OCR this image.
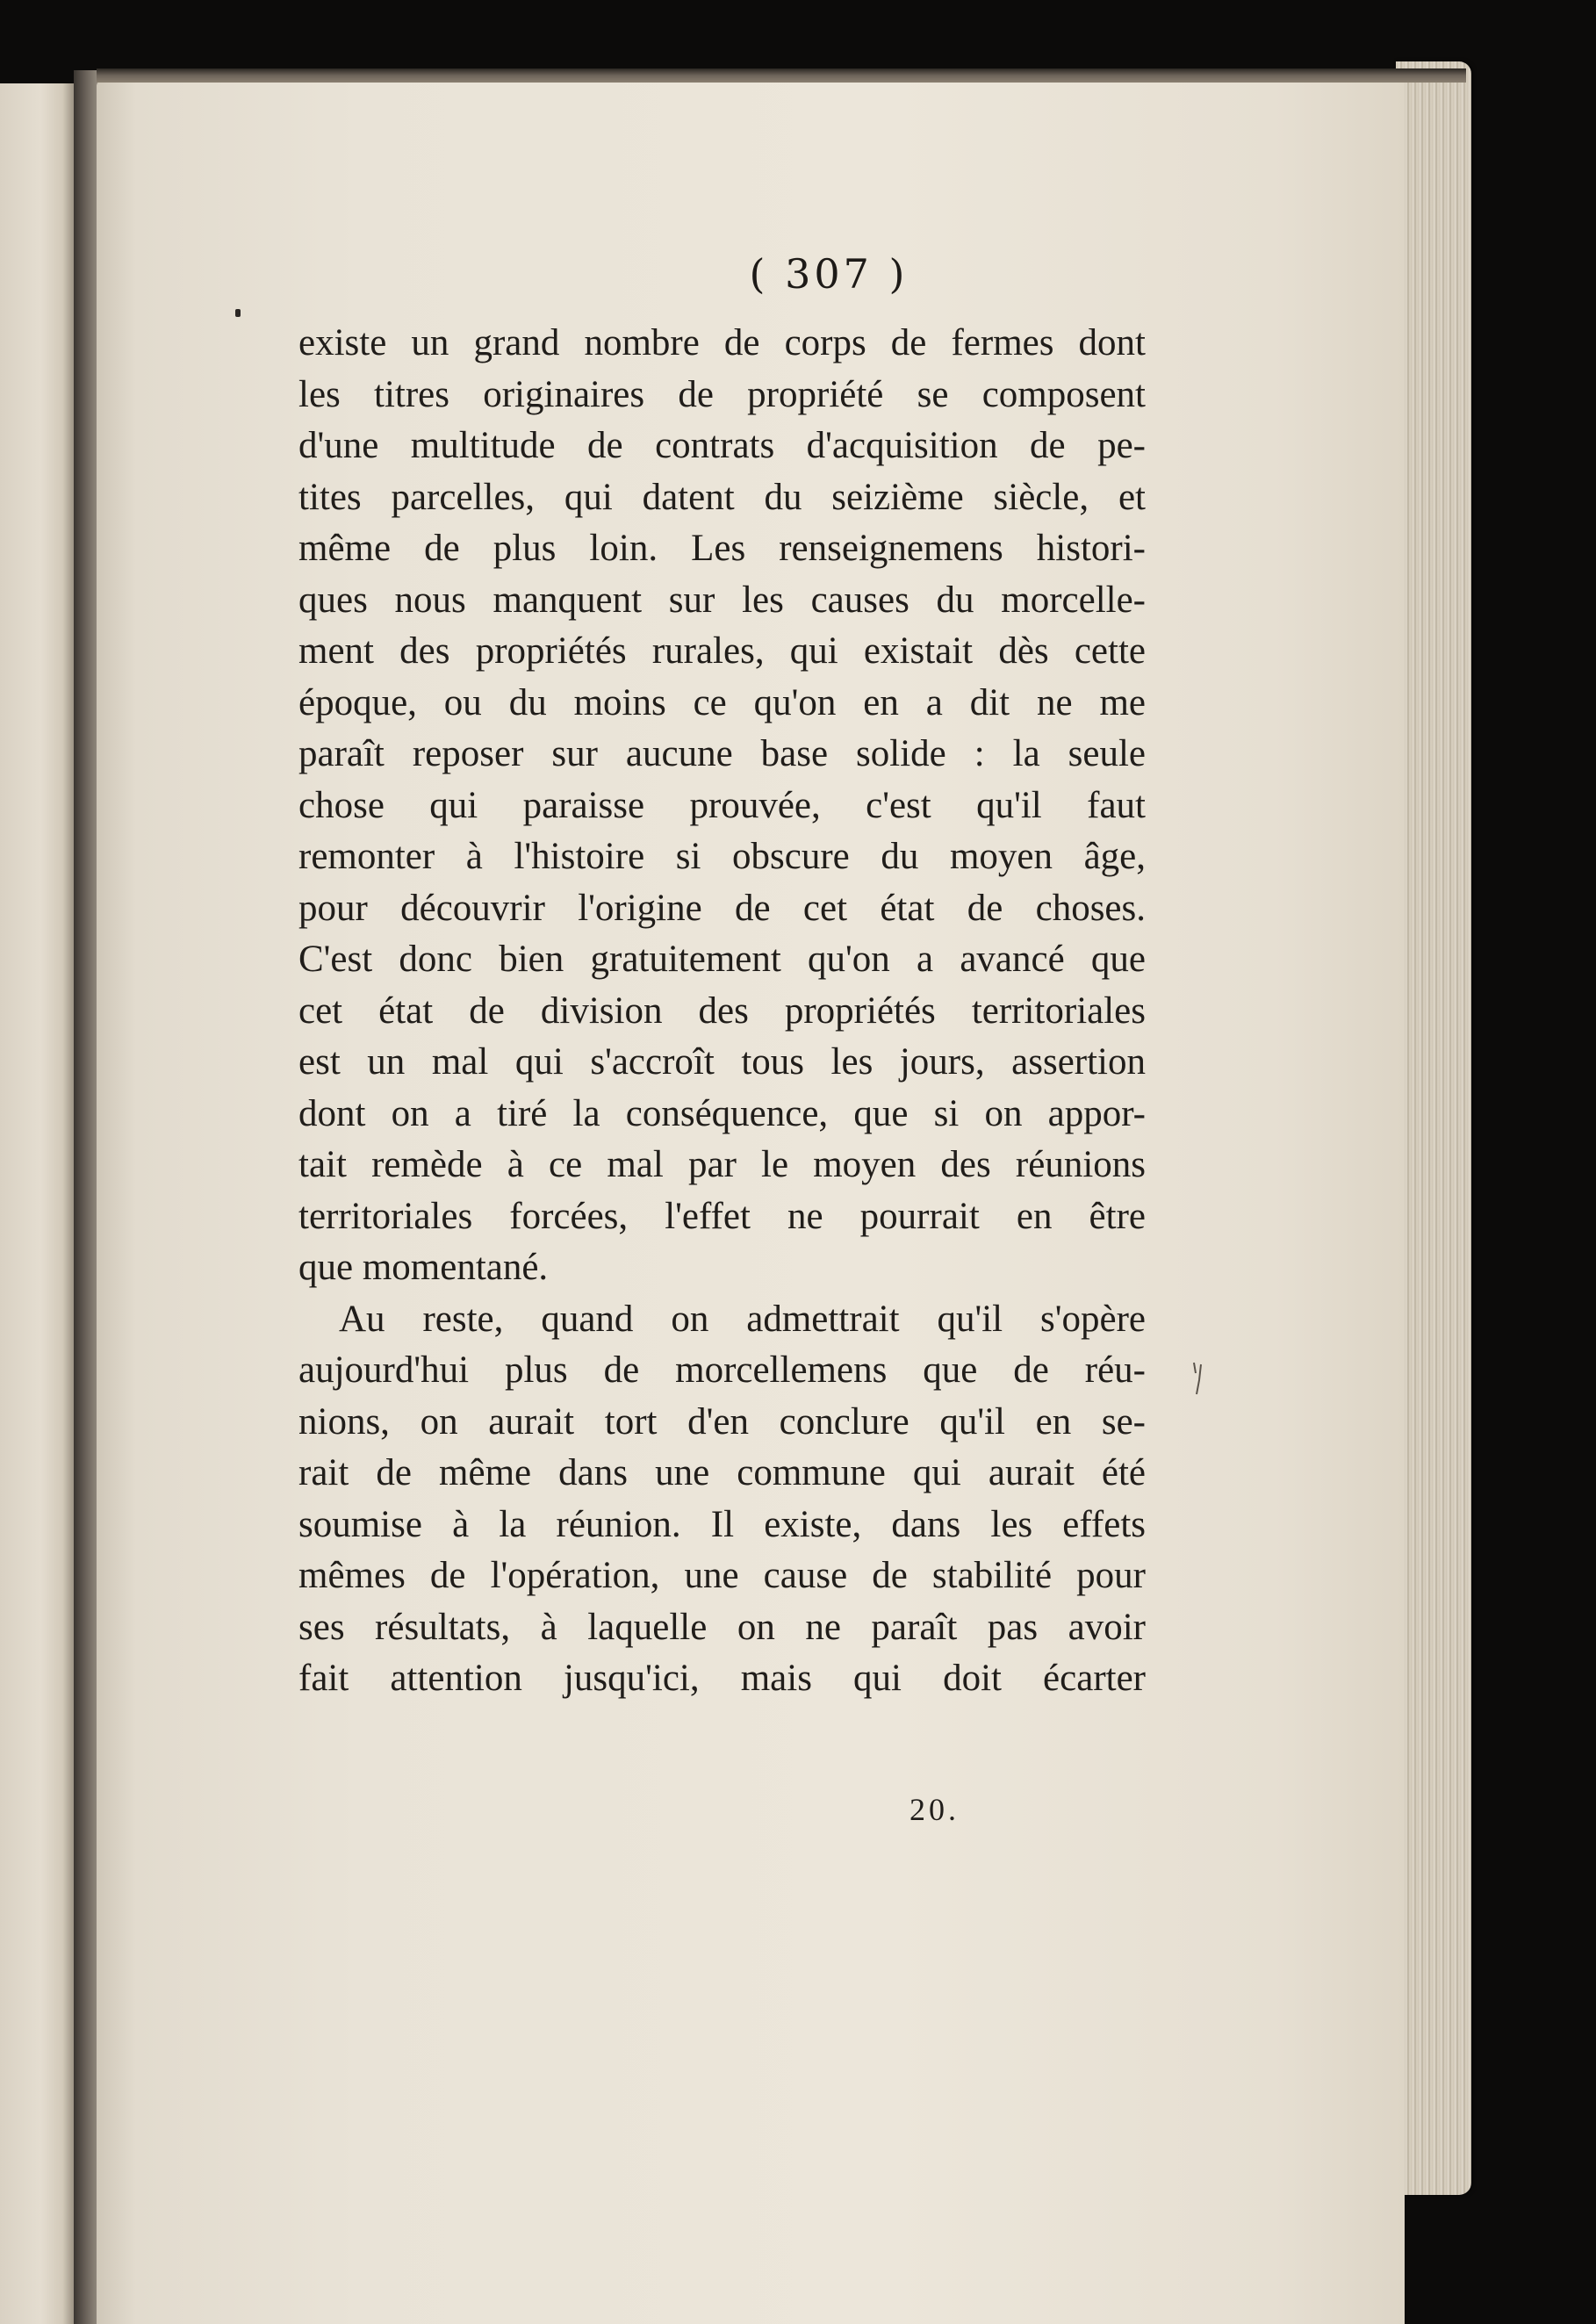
( 307 )
existe un grand nombre de corps de fermes dont
les titres originaires de propriété se composent
d'une multitude de contrats d'acquisition de pe-
tites parcelles, qui datent du seizième siècle, et
même de plus loin. Les renseignemens histori-
ques nous manquent sur les causes du morcelle-
ment des propriétés rurales, qui existait dès cette
époque, ou du moins ce qu'on en a dit ne me
paraît reposer sur aucune base solide : la seule
chose qui paraisse prouvée, c'est qu'il faut
remonter à l'histoire si obscure du moyen âge,
pour découvrir l'origine de cet état de choses.
C'est donc bien gratuitement qu'on a avancé que
cet état de division des propriétés territoriales
est un mal qui s'accroît tous les jours, assertion
dont on a tiré la conséquence, que si on appor-
tait remède à ce mal par le moyen des réunions
territoriales forcées, l'effet ne pourrait en être
que momentané.
Au reste, quand on admettrait qu'il s'opère
aujourd'hui plus de morcellemens que de réu-
nions, on aurait tort d'en conclure qu'il en se-
rait de même dans une commune qui aurait été
soumise à la réunion. Il existe, dans les effets
mêmes de l'opération, une cause de stabilité pour
ses résultats, à laquelle on ne paraît pas avoir
fait attention jusqu'ici, mais qui doit écarter
20.
